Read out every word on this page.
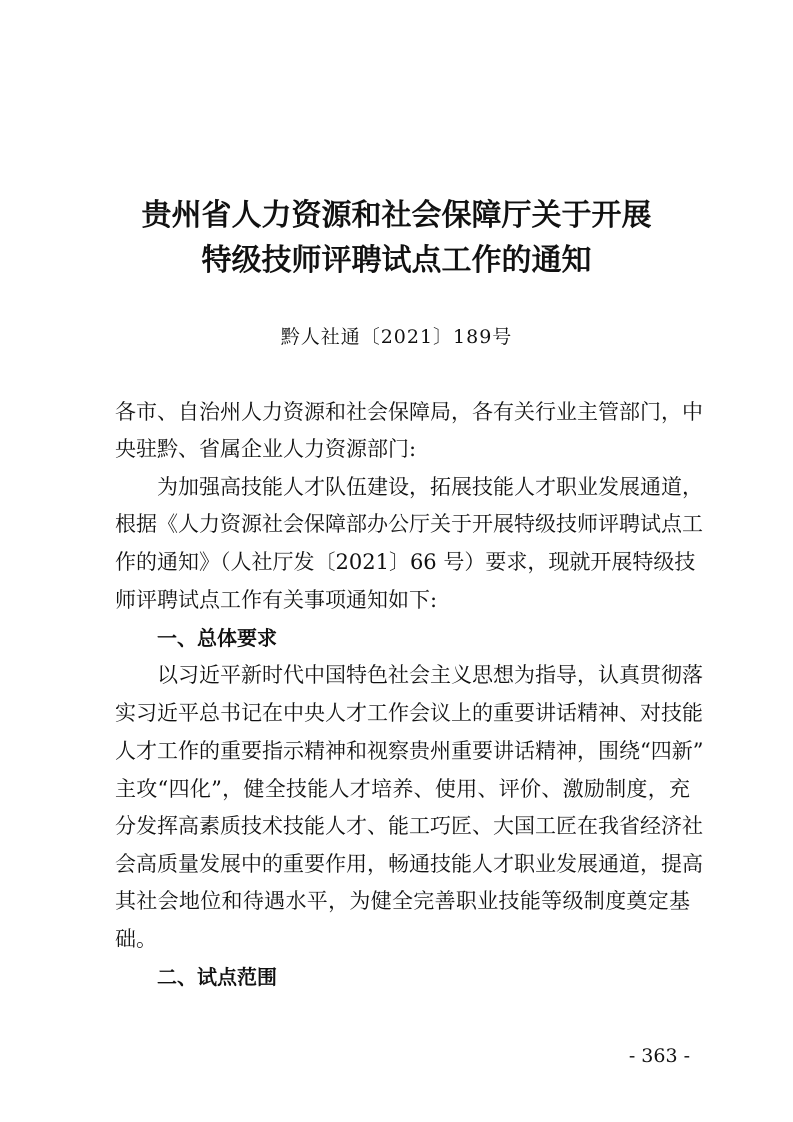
贵州省人力资源和社会保障厅关于开展
特级技师评聘试点工作的通知
黔人社通〔2021〕189号
各市、自治州人力资源和社会保障局，各有关行业主管部门，中
央驻黔、省属企业人力资源部门:
为加强高技能人才队伍建设，拓展技能人才职业发展通道，
根据《人力资源社会保障部办公厅关于开展特级技师评聘试点工
作的通知》（人社厅发〔2021〕66 号）要求，现就开展特级技
师评聘试点工作有关事项通知如下:
一、总体要求
以习近平新时代中国特色社会主义思想为指导，认真贯彻落
实习近平总书记在中央人才工作会议上的重要讲话精神、对技能
人才工作的重要指示精神和视察贵州重要讲话精神，围绕“四新”
主攻“四化”，健全技能人才培养、使用、评价、激励制度，充
分发挥高素质技术技能人才、能工巧匠、大国工匠在我省经济社
会高质量发展中的重要作用，畅通技能人才职业发展通道，提高
其社会地位和待遇水平，为健全完善职业技能等级制度奠定基
础。
二、试点范围
- 363 -
